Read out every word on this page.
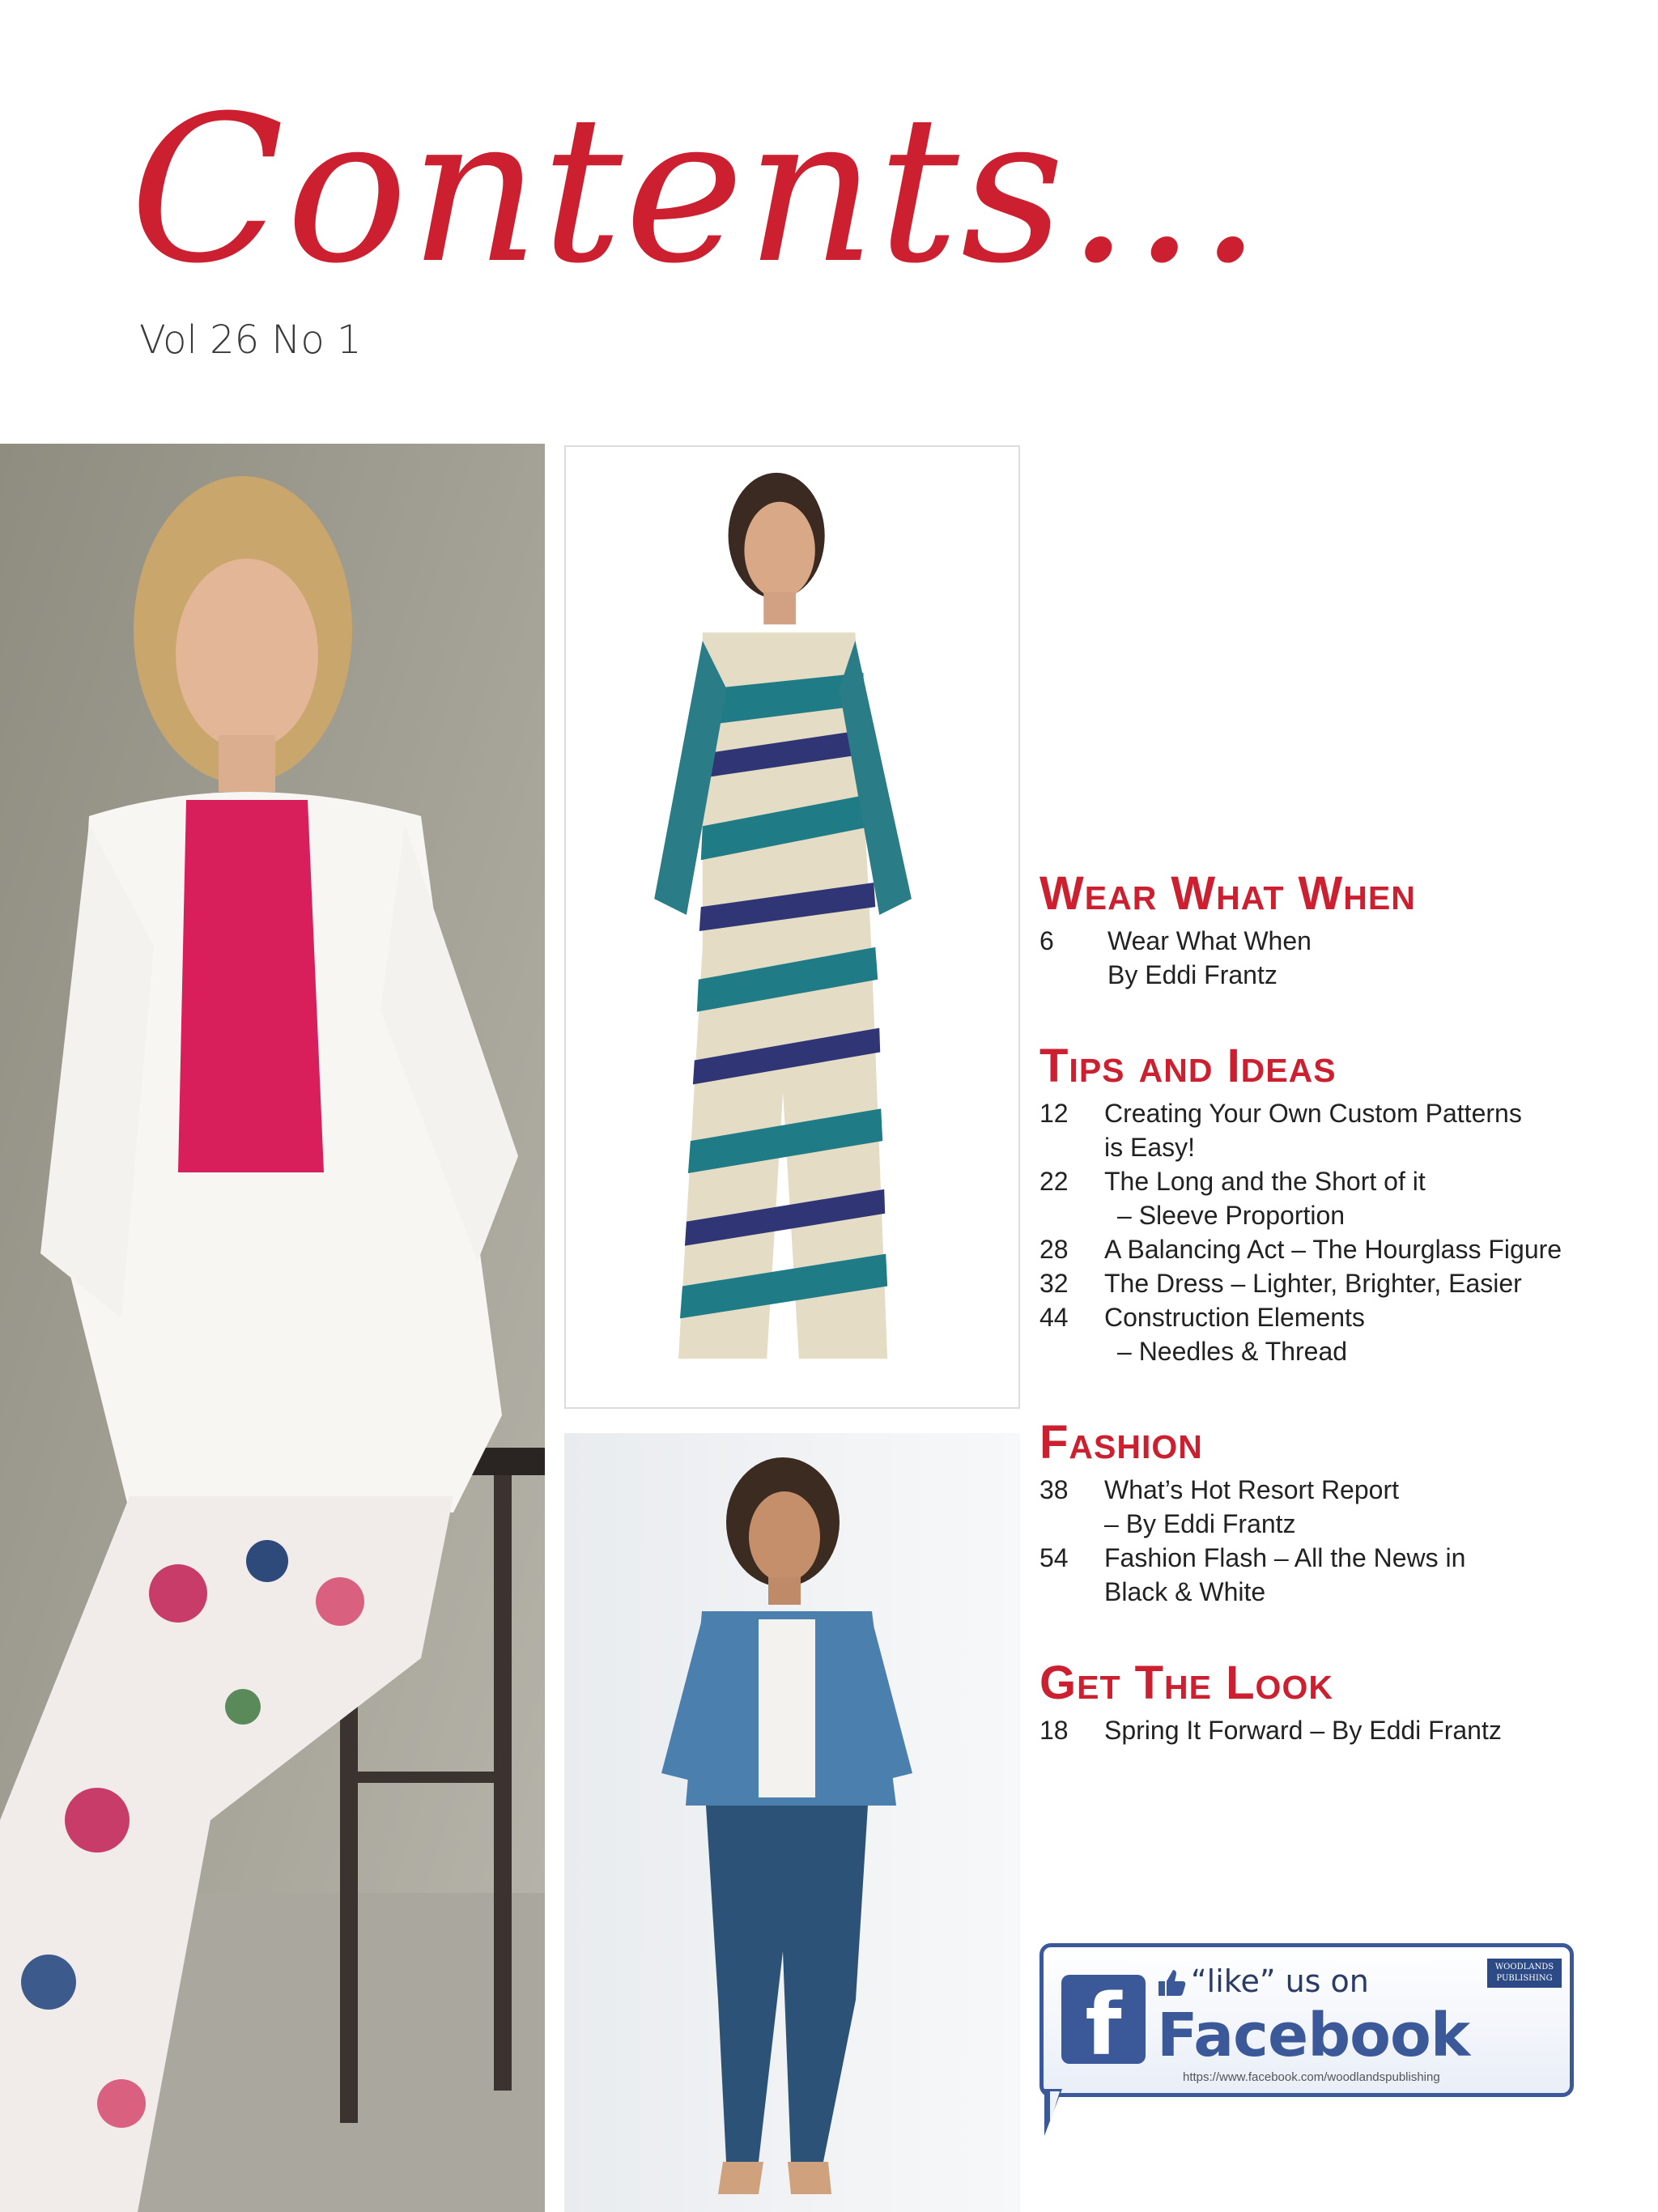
Contents...
Vol 26 No 1
Wear What When
6	Wear What When
By Eddi Frantz
Tips and Ideas
12	Creating Your Own Custom Patterns
is Easy!
22	The Long and the Short of it
– Sleeve Proportion
28	A Balancing Act – The Hourglass Figure
32	The Dress – Lighter, Brighter, Easier
44	Construction Elements
– Needles & Thread
Fashion
38	What’s Hot Resort Report
– By Eddi Frantz
54	Fashion Flash – All the News in
Black & White
Get The Look
18	Spring It Forward – By Eddi Frantz
f	“like” us on
Facebook
https://www.facebook.com/woodlandspublishing
WOODLANDS PUBLISHING
